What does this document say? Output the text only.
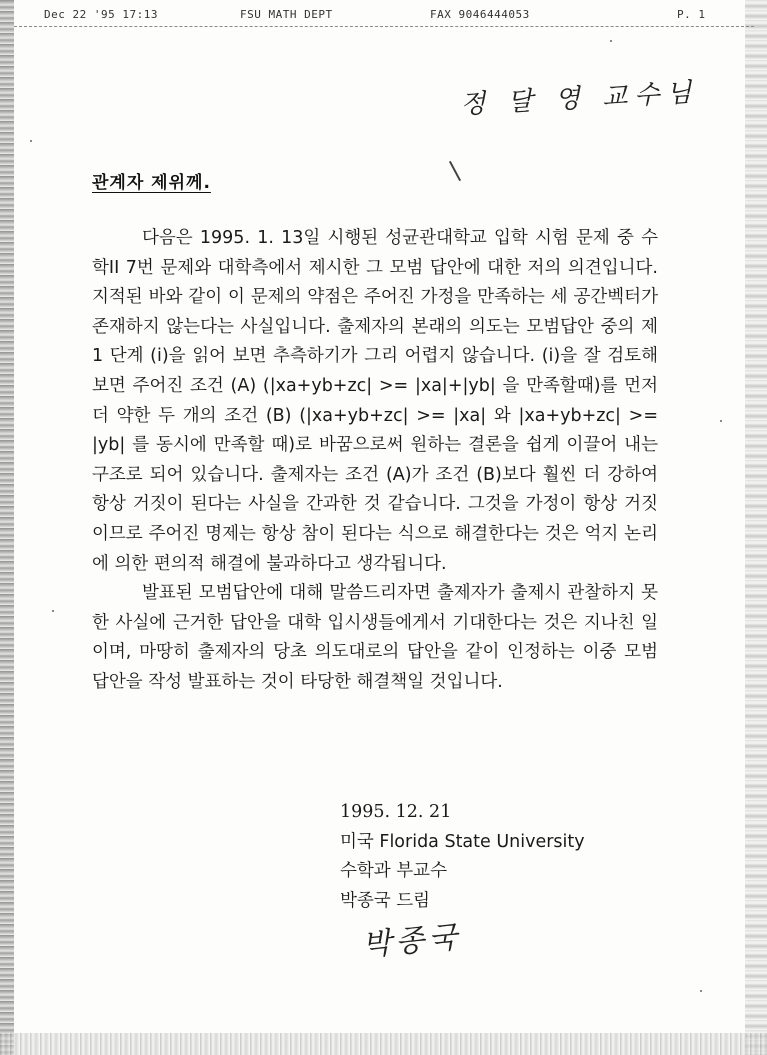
Dec 22 '95 17:13	FSU MATH DEPT	FAX 9046444053	P. 1
정 달 영 교수님
관계자 제위께.

다음은 1995. 1. 13일 시행된 성균관대학교 입학 시험 문제 중 수학II 7번 문제와 대학측에서 제시한 그 모범 답안에 대한 저의 의견입니다. 지적된 바와 같이 이 문제의 약점은 주어진 가정을 만족하는 세 공간벡터가 존재하지 않는다는 사실입니다. 출제자의 본래의 의도는 모범답안 중의 제 1 단계 (i)을 읽어 보면 추측하기가 그리 어렵지 않습니다. (i)을 잘 검토해 보면 주어진 조건 (A) (|xa+yb+zc| >= |xa|+|yb| 을 만족할때)를 먼저 더 약한 두 개의 조건 (B) (|xa+yb+zc| >= |xa| 와 |xa+yb+zc| >= |yb| 를 동시에 만족할 때)로 바꿈으로써 원하는 결론을 쉽게 이끌어 내는 구조로 되어 있습니다. 출제자는 조건 (A)가 조건 (B)보다 훨씬 더 강하여 항상 거짓이 된다는 사실을 간과한 것 같습니다. 그것을 가정이 항상 거짓이므로 주어진 명제는 항상 참이 된다는 식으로 해결한다는 것은 억지 논리에 의한 편의적 해결에 불과하다고 생각됩니다.

발표된 모범답안에 대해 말씀드리자면 출제자가 출제시 관찰하지 못한 사실에 근거한 답안을 대학 입시생들에게서 기대한다는 것은 지나친 일이며, 마땅히 출제자의 당초 의도대로의 답안을 같이 인정하는 이중 모범 답안을 작성 발표하는 것이 타당한 해결책일 것입니다.

1995. 12. 21
미국 Florida State University
수학과 부교수
박종국 드림
박종국
